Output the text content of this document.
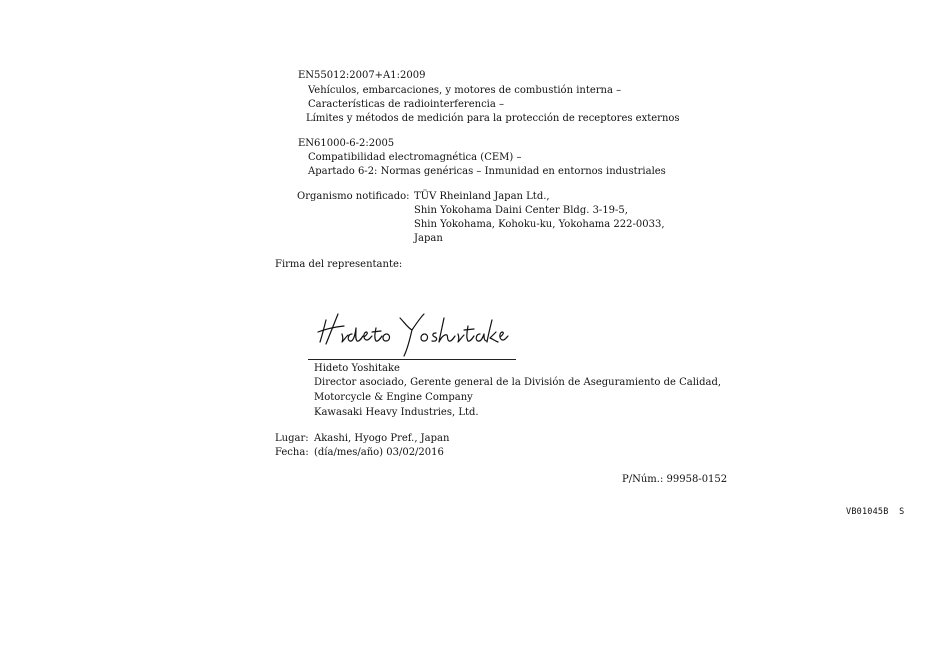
EN55012:2007+A1:2009
Vehículos, embarcaciones, y motores de combustión interna –
Características de radiointerferencia –
Límites y métodos de medición para la protección de receptores externos
EN61000-6-2:2005
Compatibilidad electromagnética (CEM) –
Apartado 6-2: Normas genéricas – Inmunidad en entornos industriales
Organismo notificado: TÜV Rheinland Japan Ltd.,
Shin Yokohama Daini Center Bldg. 3-19-5,
Shin Yokohama, Kohoku-ku, Yokohama 222-0033,
Japan
Firma del representante:
Hideto Yoshitake
Director asociado, Gerente general de la División de Aseguramiento de Calidad,
Motorcycle & Engine Company
Kawasaki Heavy Industries, Ltd.
Lugar: Akashi, Hyogo Pref., Japan
Fecha: (día/mes/año) 03/02/2016
P/Núm.: 99958-0152
VB01045B  S
